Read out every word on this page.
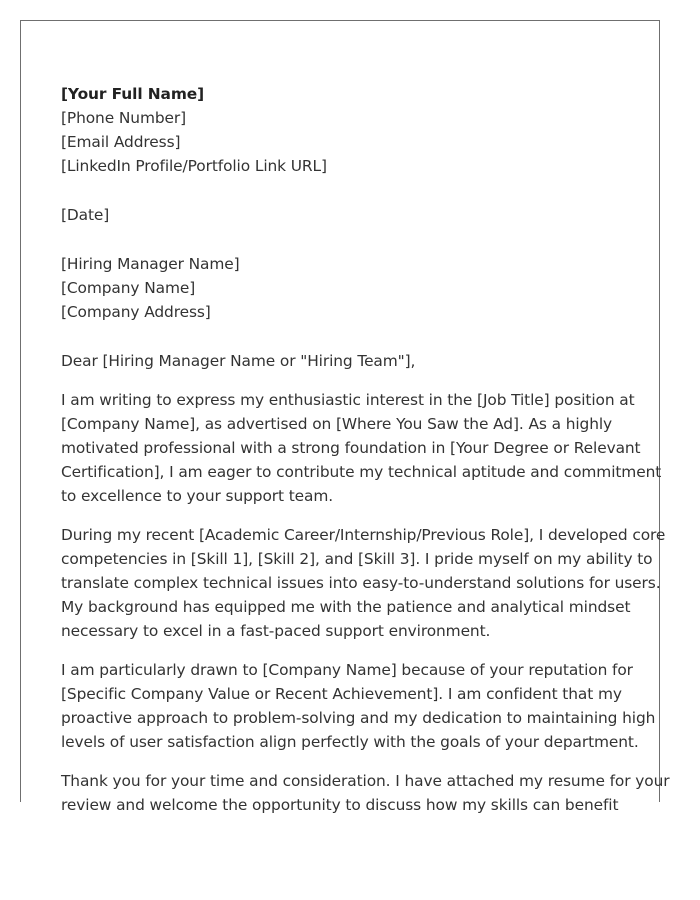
[Your Full Name]
[Phone Number]
[Email Address]
[LinkedIn Profile/Portfolio Link URL]
[Date]
[Hiring Manager Name]
[Company Name]
[Company Address]
Dear [Hiring Manager Name or "Hiring Team"],
I am writing to express my enthusiastic interest in the [Job Title] position at
[Company Name], as advertised on [Where You Saw the Ad]. As a highly
motivated professional with a strong foundation in [Your Degree or Relevant
Certification], I am eager to contribute my technical aptitude and commitment
to excellence to your support team.
During my recent [Academic Career/Internship/Previous Role], I developed core
competencies in [Skill 1], [Skill 2], and [Skill 3]. I pride myself on my ability to
translate complex technical issues into easy-to-understand solutions for users.
My background has equipped me with the patience and analytical mindset
necessary to excel in a fast-paced support environment.
I am particularly drawn to [Company Name] because of your reputation for
[Specific Company Value or Recent Achievement]. I am confident that my
proactive approach to problem-solving and my dedication to maintaining high
levels of user satisfaction align perfectly with the goals of your department.
Thank you for your time and consideration. I have attached my resume for your
review and welcome the opportunity to discuss how my skills can benefit
